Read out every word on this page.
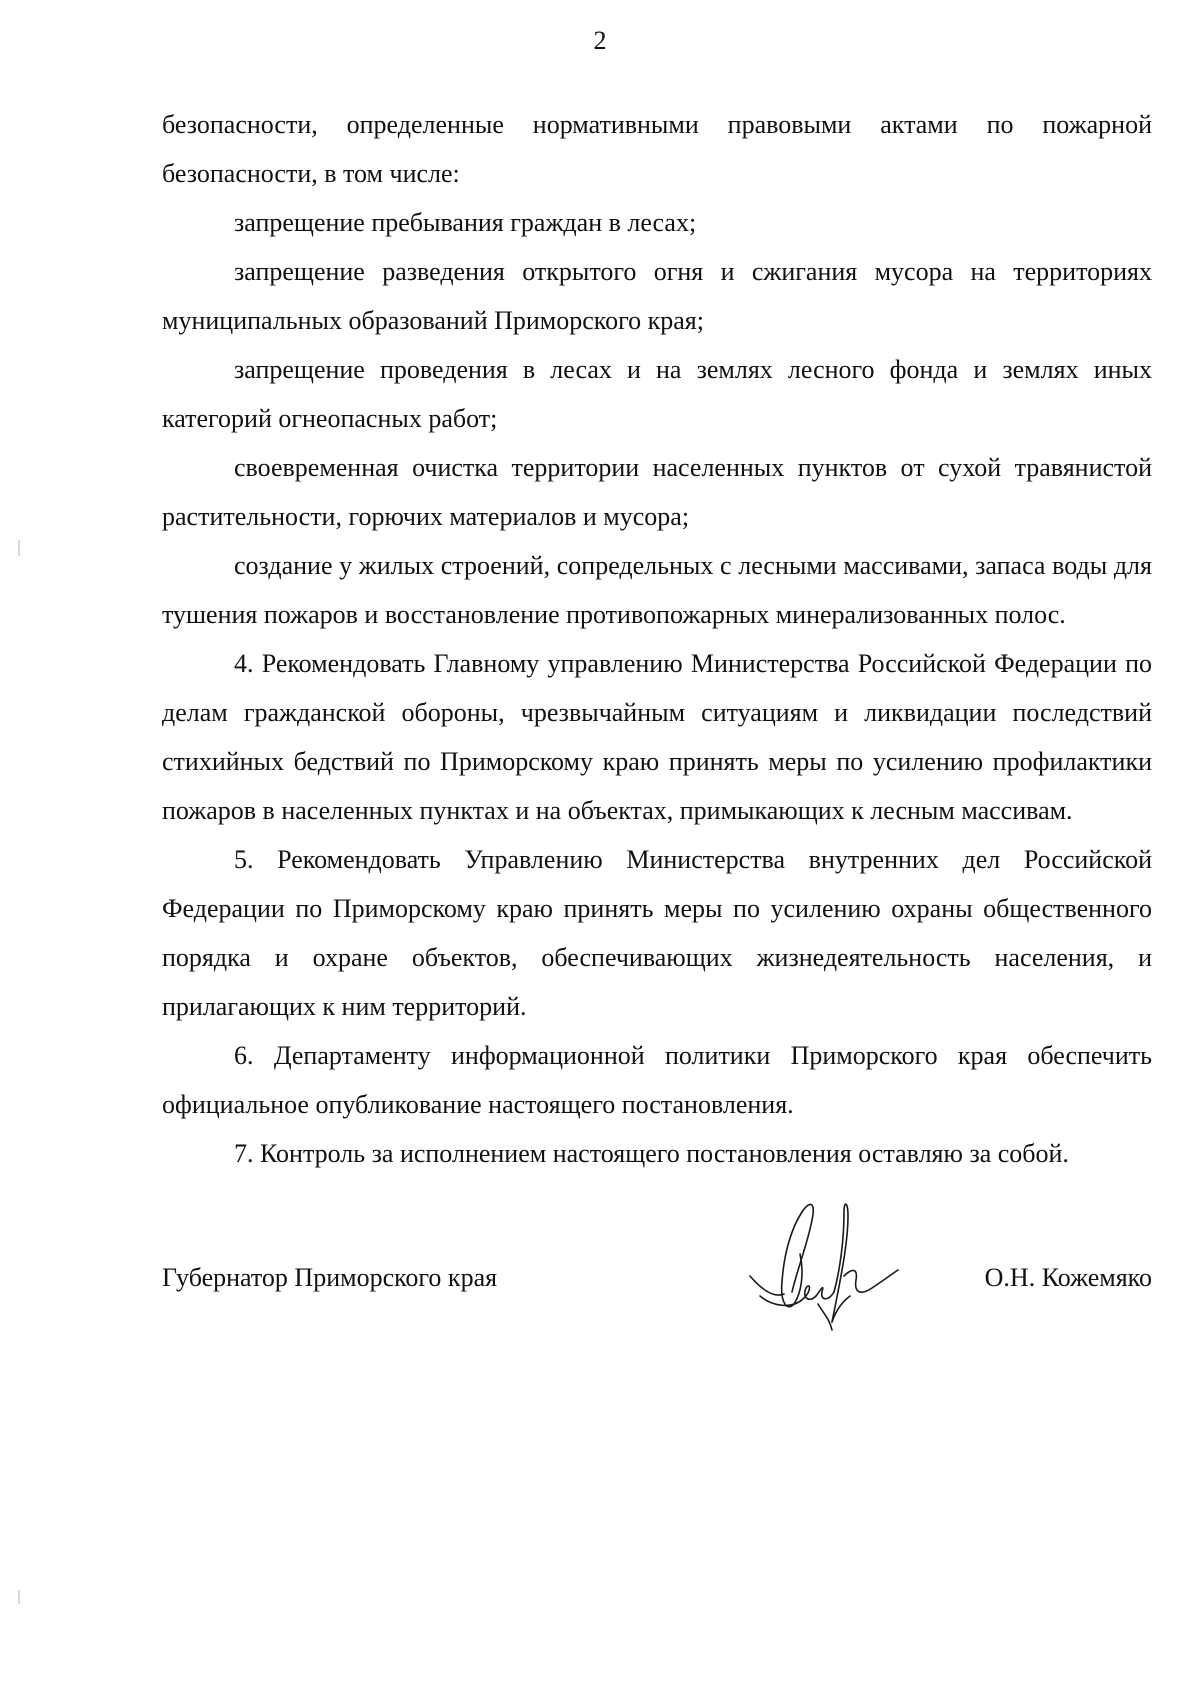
2

безопасности, определенные нормативными правовыми актами по пожарной безопасности, в том числе:

запрещение пребывания граждан в лесах;

запрещение разведения открытого огня и сжигания мусора на территориях муниципальных образований Приморского края;

запрещение проведения в лесах и на землях лесного фонда и землях иных категорий огнеопасных работ;

своевременная очистка территории населенных пунктов от сухой травянистой растительности, горючих материалов и мусора;

создание у жилых строений, сопредельных с лесными массивами, запаса воды для тушения пожаров и восстановление противопожарных минерализованных полос.

4. Рекомендовать Главному управлению Министерства Российской Федерации по делам гражданской обороны, чрезвычайным ситуациям и ликвидации последствий стихийных бедствий по Приморскому краю принять меры по усилению профилактики пожаров в населенных пунктах и на объектах, примыкающих к лесным массивам.

5. Рекомендовать Управлению Министерства внутренних дел Российской Федерации по Приморскому краю принять меры по усилению охраны общественного порядка и охране объектов, обеспечивающих жизнедеятельность населения, и прилагающих к ним территорий.

6. Департаменту информационной политики Приморского края обеспечить официальное опубликование настоящего постановления.

7. Контроль за исполнением настоящего постановления оставляю за собой.

Губернатор Приморского края	О.Н. Кожемяко
